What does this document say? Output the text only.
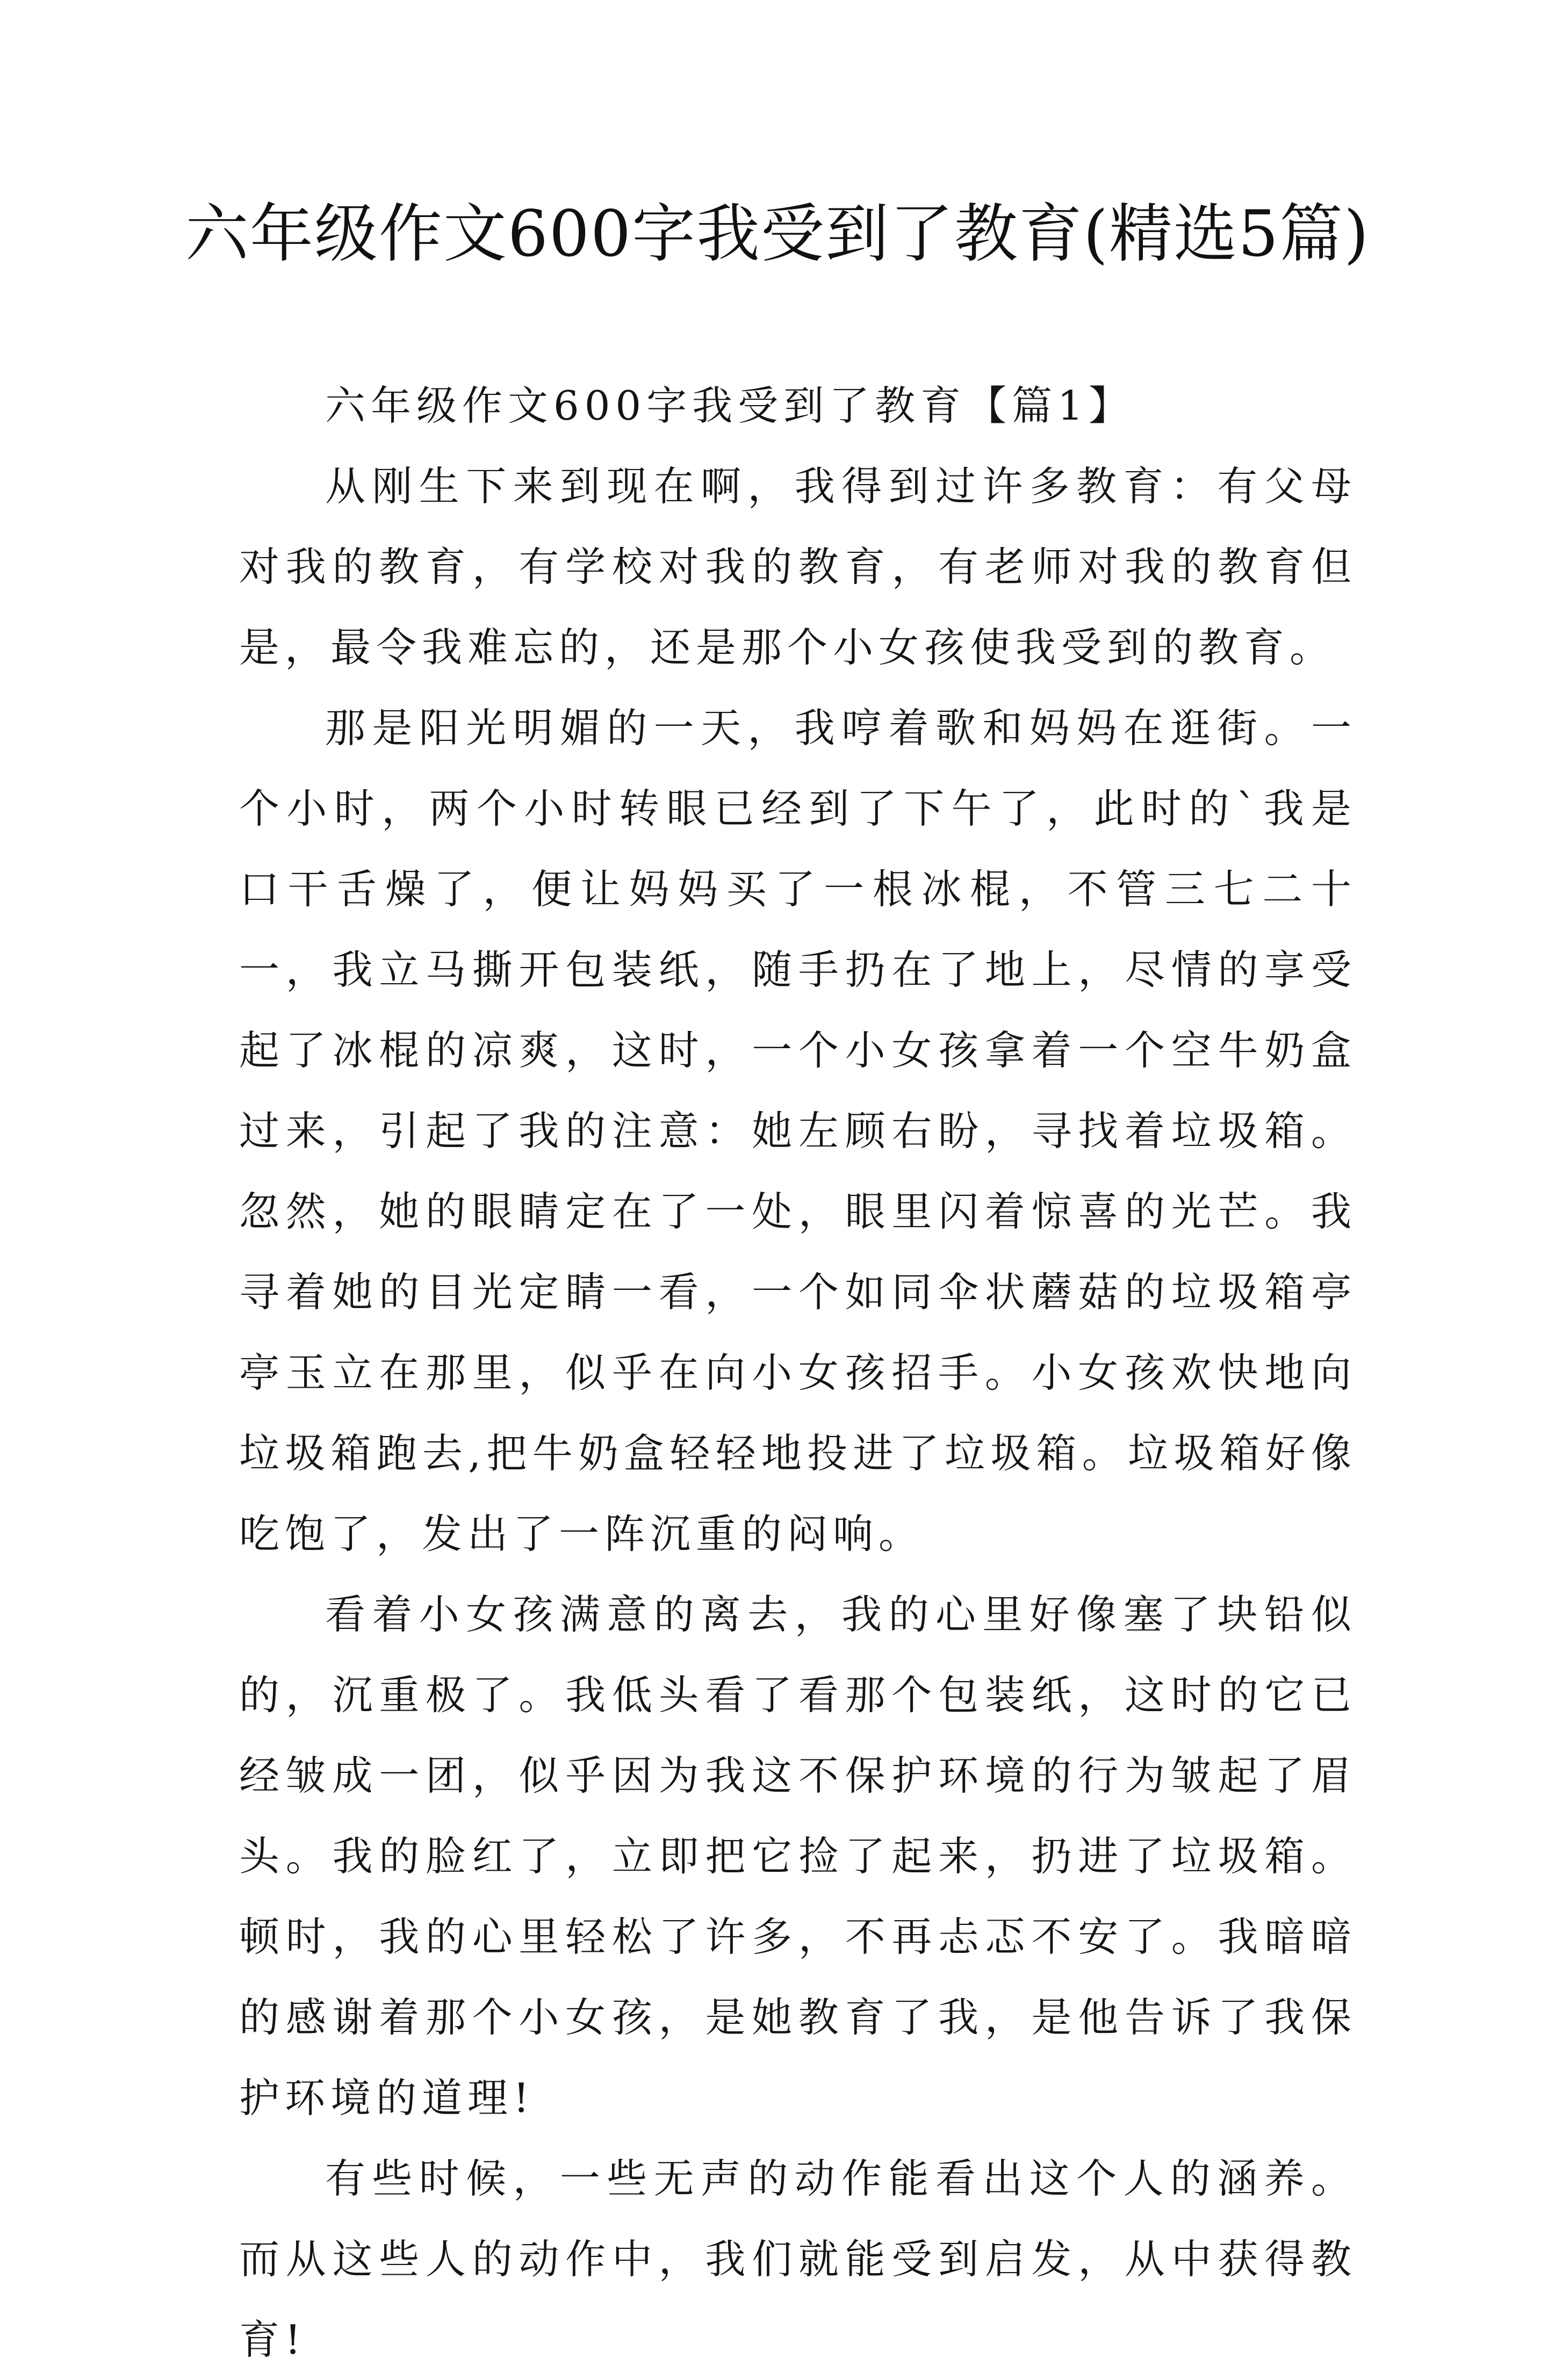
六年级作文600字我受到了教育(精选5篇)
六年级作文600字我受到了教育【篇1】

从刚生下来到现在啊，我得到过许多教育：有父母对我的教育，有学校对我的教育，有老师对我的教育但是，最令我难忘的，还是那个小女孩使我受到的教育。

那是阳光明媚的一天，我哼着歌和妈妈在逛街。一个小时，两个小时转眼已经到了下午了，此时的`我是口干舌燥了，便让妈妈买了一根冰棍，不管三七二十一，我立马撕开包装纸，随手扔在了地上，尽情的享受起了冰棍的凉爽，这时，一个小女孩拿着一个空牛奶盒过来，引起了我的注意：她左顾右盼，寻找着垃圾箱。忽然，她的眼睛定在了一处，眼里闪着惊喜的光芒。我寻着她的目光定睛一看，一个如同伞状蘑菇的垃圾箱亭亭玉立在那里，似乎在向小女孩招手。小女孩欢快地向垃圾箱跑去,把牛奶盒轻轻地投进了垃圾箱。垃圾箱好像吃饱了，发出了一阵沉重的闷响。

看着小女孩满意的离去，我的心里好像塞了块铅似的，沉重极了。我低头看了看那个包装纸，这时的它已经皱成一团，似乎因为我这不保护环境的行为皱起了眉头。我的脸红了，立即把它捡了起来，扔进了垃圾箱。顿时，我的心里轻松了许多，不再忐忑不安了。我暗暗的感谢着那个小女孩，是她教育了我，是他告诉了我保护环境的道理!

有些时候，一些无声的动作能看出这个人的涵养。而从这些人的动作中，我们就能受到启发，从中获得教育!
